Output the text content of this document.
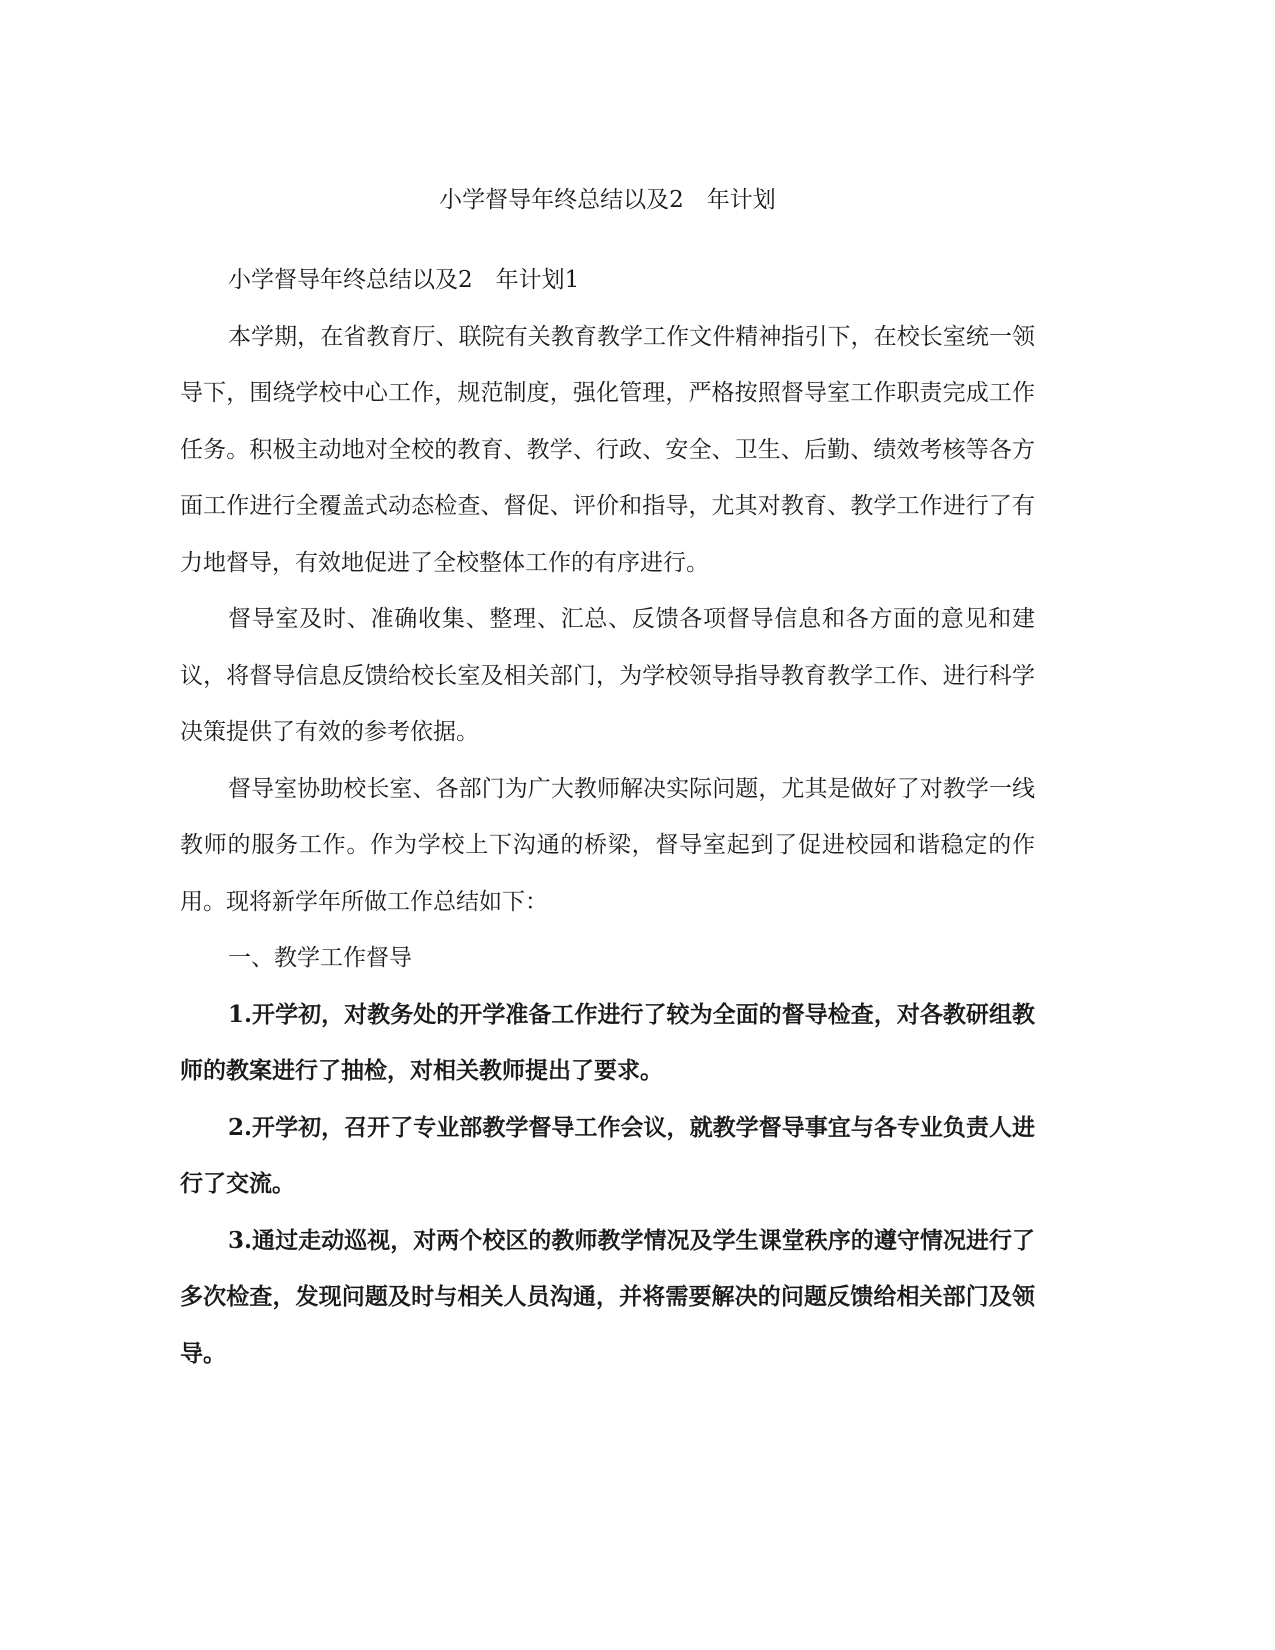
小学督导年终总结以及2　年计划

小学督导年终总结以及2　年计划1

本学期，在省教育厅、联院有关教育教学工作文件精神指引下，在校长室统一领导下，围绕学校中心工作，规范制度，强化管理，严格按照督导室工作职责完成工作任务。积极主动地对全校的教育、教学、行政、安全、卫生、后勤、绩效考核等各方面工作进行全覆盖式动态检查、督促、评价和指导，尤其对教育、教学工作进行了有力地督导，有效地促进了全校整体工作的有序进行。

督导室及时、准确收集、整理、汇总、反馈各项督导信息和各方面的意见和建议，将督导信息反馈给校长室及相关部门，为学校领导指导教育教学工作、进行科学决策提供了有效的参考依据。

督导室协助校长室、各部门为广大教师解决实际问题，尤其是做好了对教学一线教师的服务工作。作为学校上下沟通的桥梁，督导室起到了促进校园和谐稳定的作用。现将新学年所做工作总结如下：

一、教学工作督导

1.开学初，对教务处的开学准备工作进行了较为全面的督导检查，对各教研组教师的教案进行了抽检，对相关教师提出了要求。

2.开学初，召开了专业部教学督导工作会议，就教学督导事宜与各专业负责人进行了交流。

3.通过走动巡视，对两个校区的教师教学情况及学生课堂秩序的遵守情况进行了多次检查，发现问题及时与相关人员沟通，并将需要解决的问题反馈给相关部门及领导。
